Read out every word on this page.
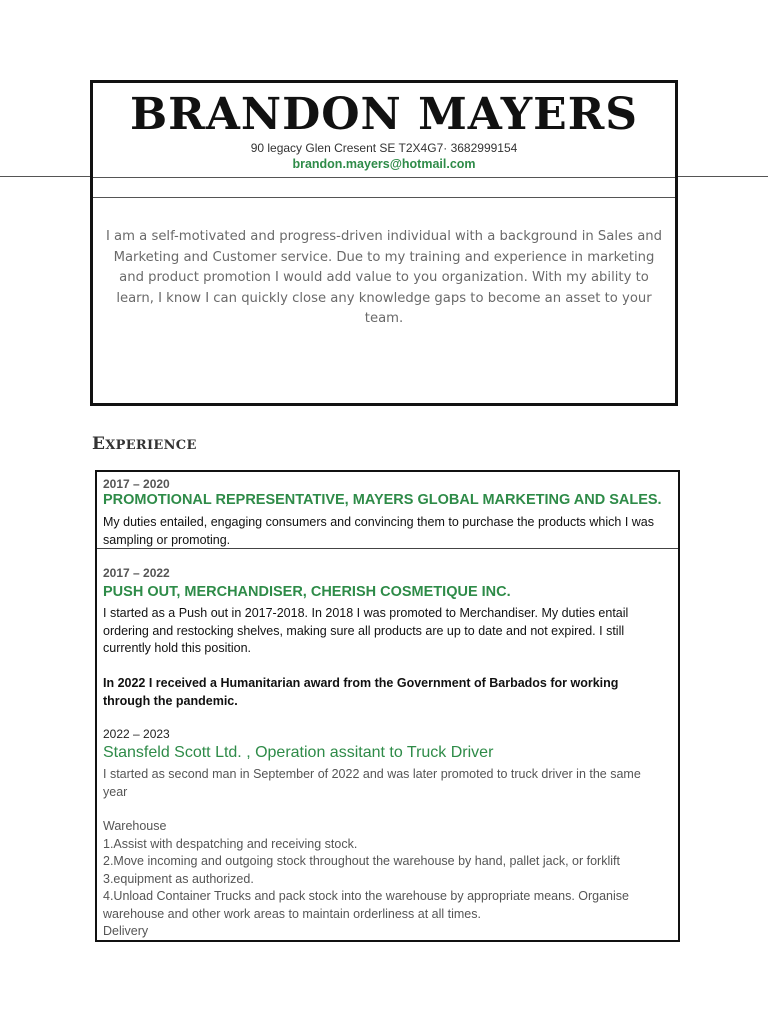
BRANDON MAYERS
90 legacy Glen Cresent SE T2X4G7· 3682999154
brandon.mayers@hotmail.com
I am a self-motivated and progress-driven individual with a background in Sales and Marketing and Customer service. Due to my training and experience in marketing and product promotion I would add value to you organization. With my ability to learn, I know I can quickly close any knowledge gaps to become an asset to your team.
EXPERIENCE
2017 – 2020
PROMOTIONAL REPRESENTATIVE, MAYERS GLOBAL MARKETING AND SALES.
My duties entailed, engaging consumers and convincing them to purchase the products which I was sampling or promoting.
2017 – 2022
PUSH OUT, MERCHANDISER, CHERISH COSMETIQUE INC.
I started as a Push out in 2017-2018. In 2018 I was promoted to Merchandiser. My duties entail ordering and restocking shelves, making sure all products are up to date and not expired. I still currently hold this position.
In 2022 I received a Humanitarian award from the Government of Barbados for working through the pandemic.
2022 – 2023
Stansfeld Scott Ltd. , Operation assitant to Truck Driver
I started as second man in September of 2022 and was later promoted to truck driver in the same year
Warehouse
1.Assist with despatching and receiving stock.
2.Move incoming and outgoing stock throughout the warehouse by hand, pallet jack, or forklift
3.equipment as authorized.
4.Unload Container Trucks and pack stock into the warehouse by appropriate means. Organise warehouse and other work areas to maintain orderliness at all times.
Delivery
